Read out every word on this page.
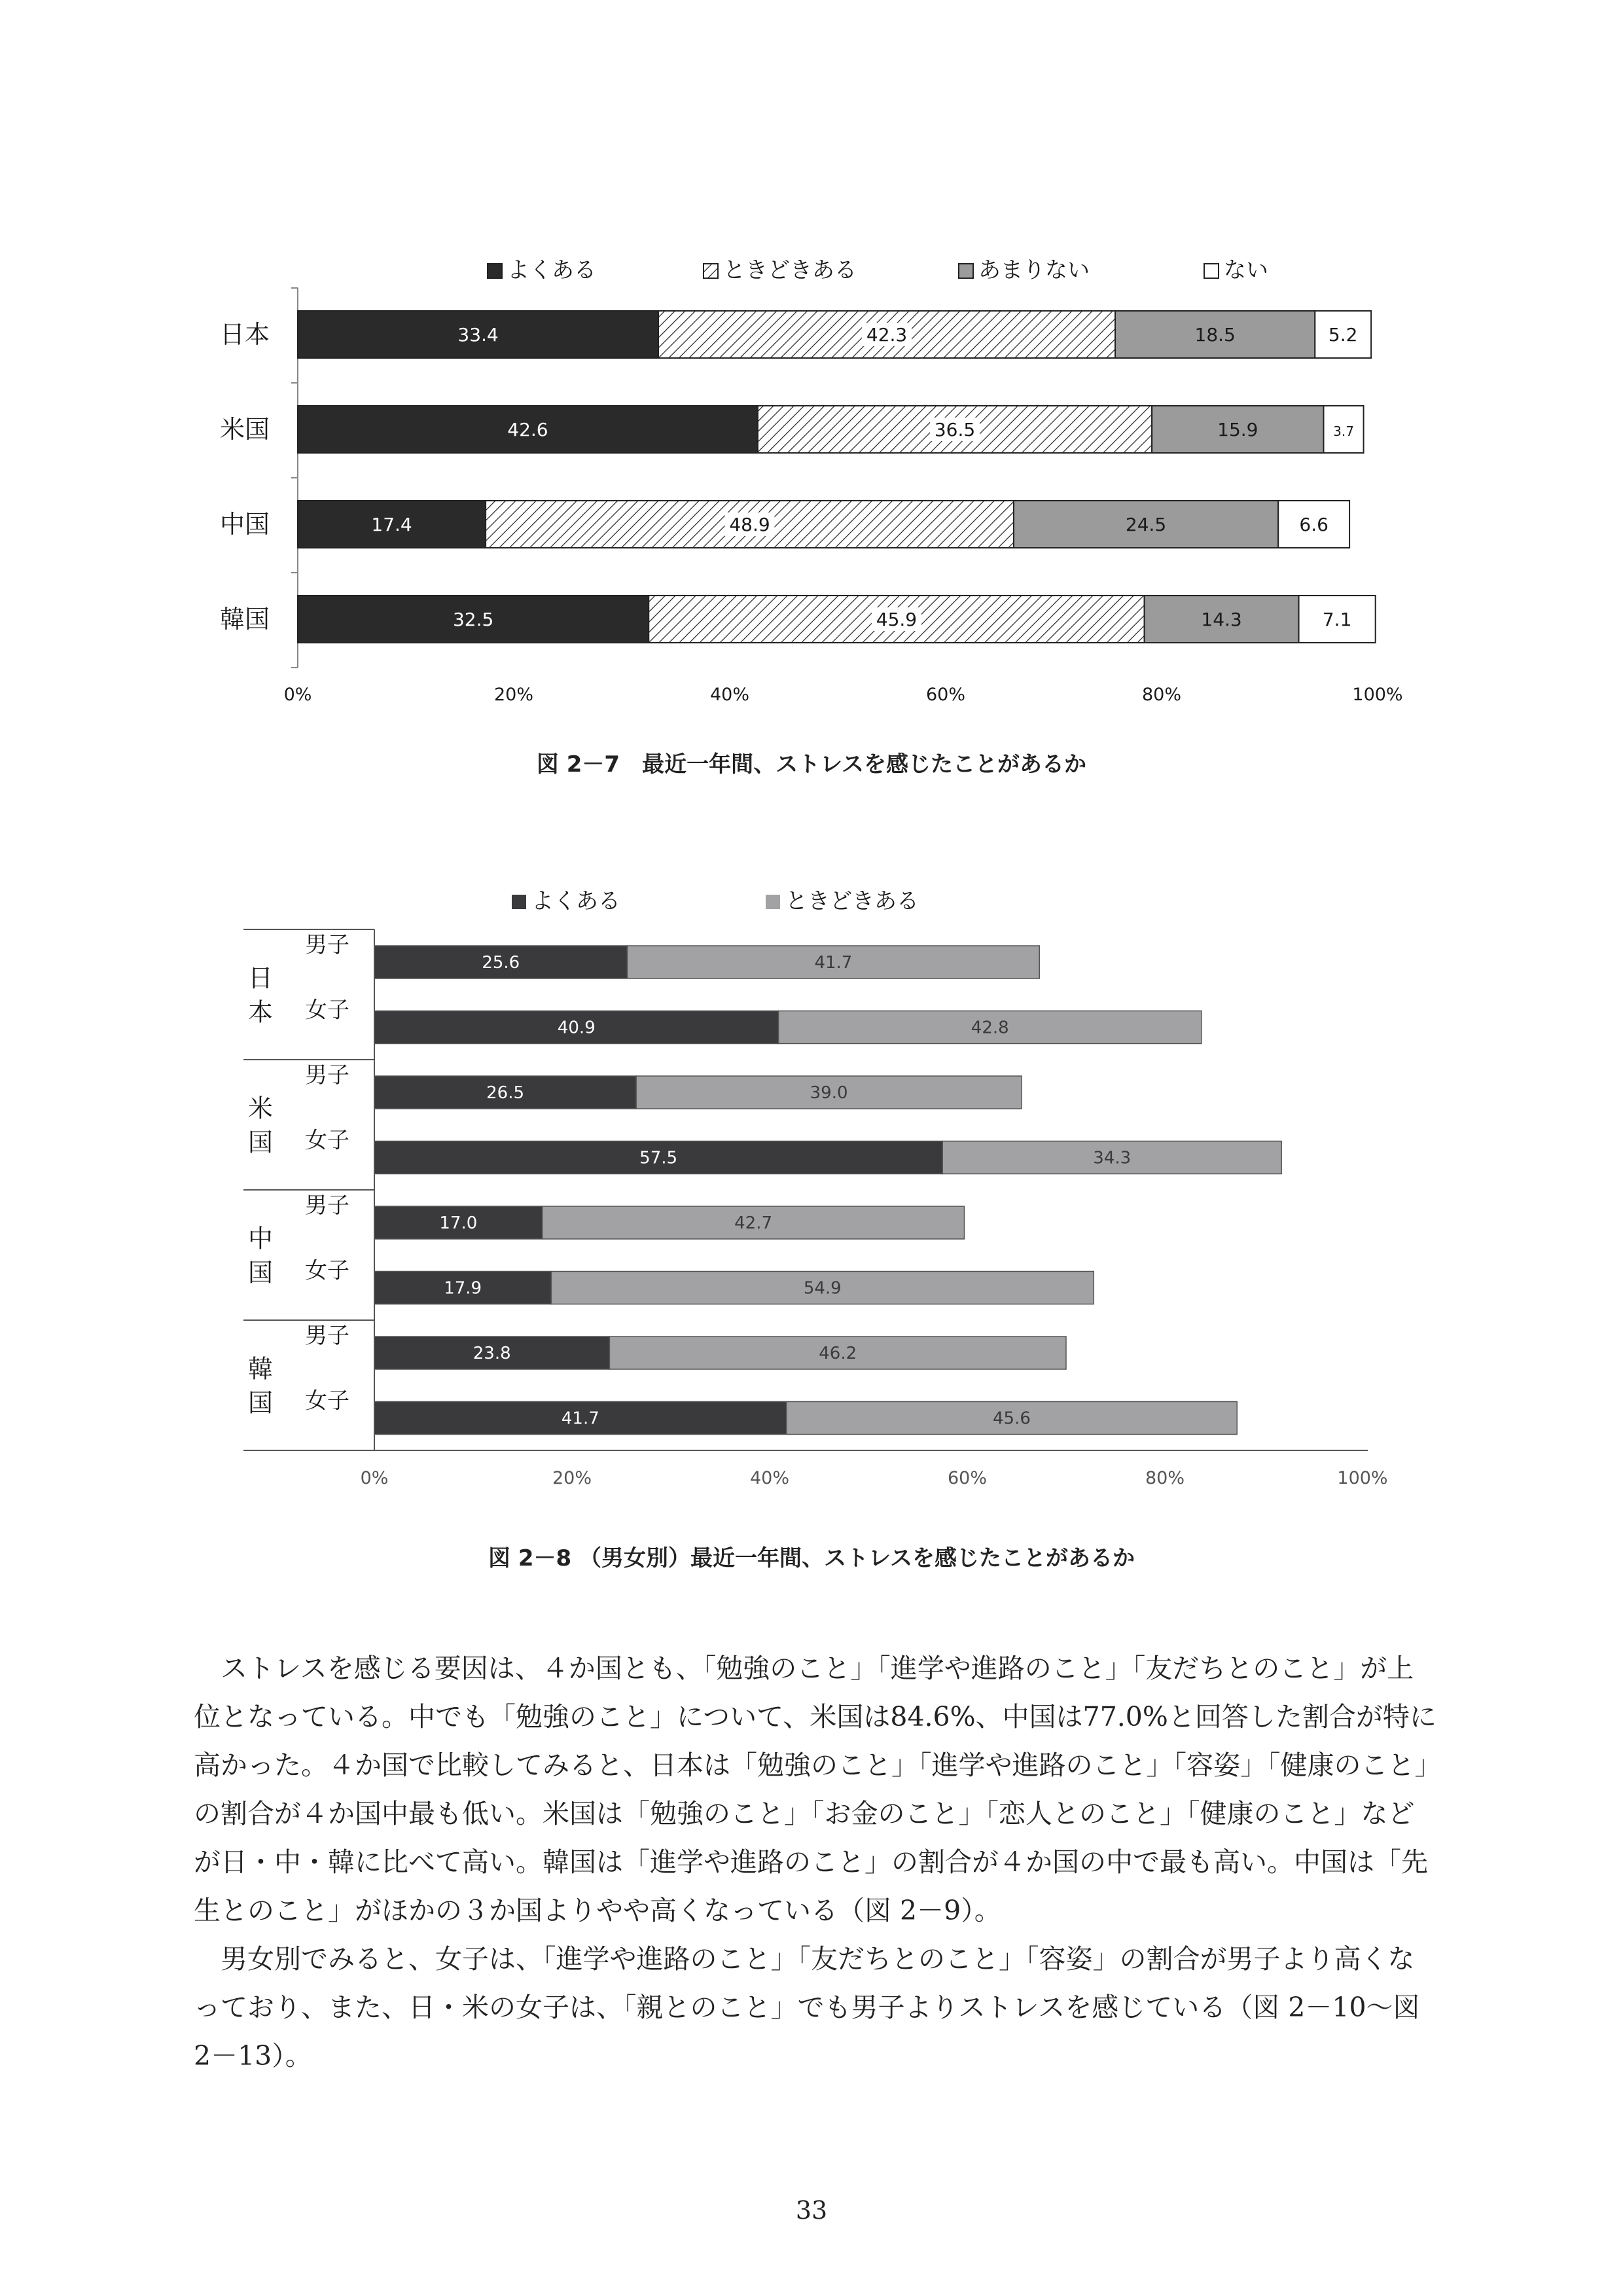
よくある	ときどきある	あまりない	ない
0%	20%	40%	60%	80%	100%
日本
米国
中国
韓国
33.4	42.3	18.5	5.2
42.6	36.5	15.9	3.7
17.4	48.9	24.5	6.6
32.5	45.9	14.3	7.1
図 2－7　最近一年間、ストレスを感じたことがあるか
よくある	ときどきある
0%	20%	40%	60%	80%	100%
日
本
米
国
中
国
韓
国
男子
女子
男子
女子
男子
女子
男子
女子
25.6	41.7
40.9	42.8
26.5	39.0
57.5	34.3
17.0	42.7
17.9	54.9
23.8	46.2
41.7	45.6
図 2－8 （男女別）最近一年間、ストレスを感じたことがあるか

　ストレスを感じる要因は、４か国とも、「勉強のこと」「進学や進路のこと」「友だちとのこと」が上位となっている。中でも「勉強のこと」について、米国は84.6%、中国は77.0%と回答した割合が特に高かった。４か国で比較してみると、日本は「勉強のこと」「進学や進路のこと」「容姿」「健康のこと」の割合が４か国中最も低い。米国は「勉強のこと」「お金のこと」「恋人とのこと」「健康のこと」などが日・中・韓に比べて高い。韓国は「進学や進路のこと」の割合が４か国の中で最も高い。中国は「先生とのこと」がほかの３か国よりやや高くなっている（図 2－9）。

　男女別でみると、女子は、「進学や進路のこと」「友だちとのこと」「容姿」の割合が男子より高くなっており、また、日・米の女子は、「親とのこと」でも男子よりストレスを感じている（図 2－10～図 2－13）。

33
